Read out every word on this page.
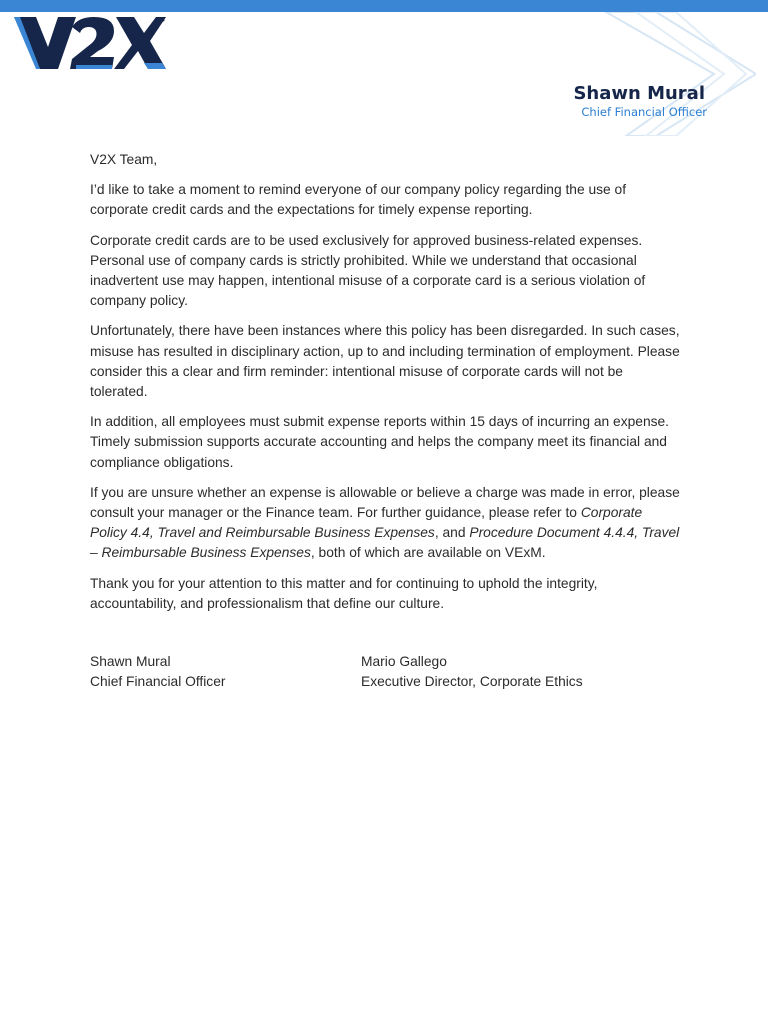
Shawn Mural
Chief Financial Officer

V2X Team,

I’d like to take a moment to remind everyone of our company policy regarding the use of corporate credit cards and the expectations for timely expense reporting.

Corporate credit cards are to be used exclusively for approved business-related expenses. Personal use of company cards is strictly prohibited. While we understand that occasional inadvertent use may happen, intentional misuse of a corporate card is a serious violation of company policy.

Unfortunately, there have been instances where this policy has been disregarded. In such cases, misuse has resulted in disciplinary action, up to and including termination of employment. Please consider this a clear and firm reminder: intentional misuse of corporate cards will not be tolerated.

In addition, all employees must submit expense reports within 15 days of incurring an expense. Timely submission supports accurate accounting and helps the company meet its financial and compliance obligations.

If you are unsure whether an expense is allowable or believe a charge was made in error, please consult your manager or the Finance team. For further guidance, please refer to Corporate Policy 4.4, Travel and Reimbursable Business Expenses, and Procedure Document 4.4.4, Travel – Reimbursable Business Expenses, both of which are available on VExM.

Thank you for your attention to this matter and for continuing to uphold the integrity, accountability, and professionalism that define our culture.

Shawn Mural
Chief Financial Officer
Mario Gallego
Executive Director, Corporate Ethics
